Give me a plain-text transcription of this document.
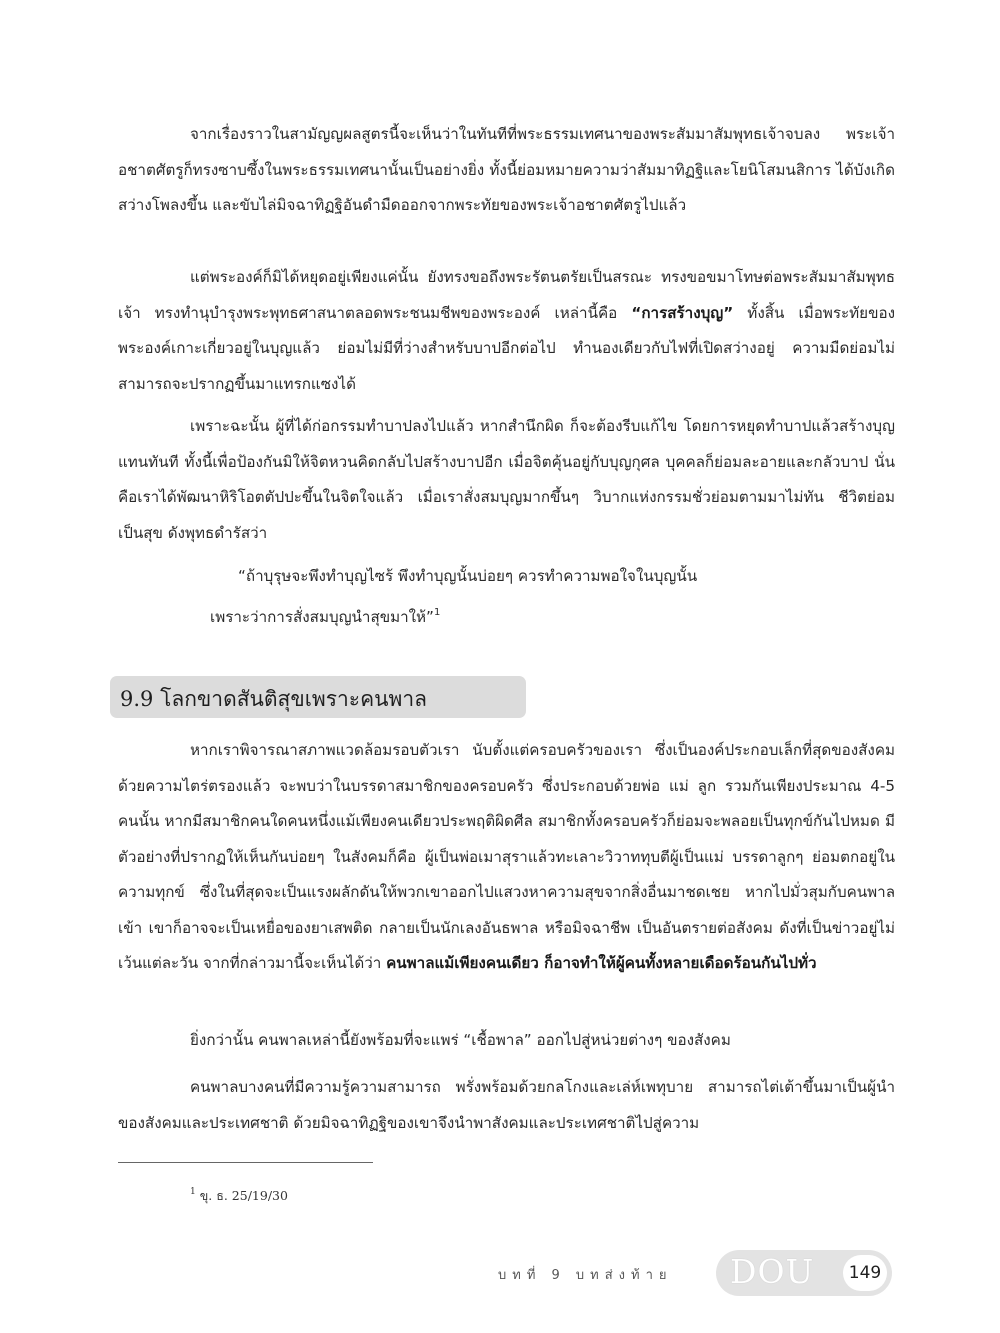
จากเรื่องราวในสามัญญผลสูตรนี้จะเห็นว่าในทันทีที่พระธรรมเทศนาของพระสัมมาสัมพุทธเจ้าจบลง พระเจ้าอชาตศัตรูก็ทรงซาบซึ้งในพระธรรมเทศนานั้นเป็นอย่างยิ่ง ทั้งนี้ย่อมหมายความว่าสัมมาทิฏฐิและโยนิโสมนสิการ ได้บังเกิดสว่างโพลงขึ้น และขับไล่มิจฉาทิฏฐิอันดำมืดออกจากพระทัยของพระเจ้าอชาตศัตรูไปแล้ว

แต่พระองค์ก็มิได้หยุดอยู่เพียงแค่นั้น ยังทรงขอถึงพระรัตนตรัยเป็นสรณะ ทรงขอขมาโทษต่อพระสัมมาสัมพุทธเจ้า ทรงทำนุบำรุงพระพุทธศาสนาตลอดพระชนมชีพของพระองค์ เหล่านี้คือ “การสร้างบุญ” ทั้งสิ้น เมื่อพระทัยของพระองค์เกาะเกี่ยวอยู่ในบุญแล้ว ย่อมไม่มีที่ว่างสำหรับบาปอีกต่อไป ทำนองเดียวกับไฟที่เปิดสว่างอยู่ ความมืดย่อมไม่สามารถจะปรากฏขึ้นมาแทรกแซงได้

เพราะฉะนั้น ผู้ที่ได้ก่อกรรมทำบาปลงไปแล้ว หากสำนึกผิด ก็จะต้องรีบแก้ไข โดยการหยุดทำบาปแล้วสร้างบุญแทนทันที ทั้งนี้เพื่อป้องกันมิให้จิตหวนคิดกลับไปสร้างบาปอีก เมื่อจิตคุ้นอยู่กับบุญกุศล บุคคลก็ย่อมละอายและกลัวบาป นั่นคือเราได้พัฒนาหิริโอตตัปปะขึ้นในจิตใจแล้ว เมื่อเราสั่งสมบุญมากขึ้นๆ วิบากแห่งกรรมชั่วย่อมตามมาไม่ทัน ชีวิตย่อมเป็นสุข ดังพุทธดำรัสว่า

“ถ้าบุรุษจะพึงทำบุญไซร้ พึงทำบุญนั้นบ่อยๆ ควรทำความพอใจในบุญนั้น
เพราะว่าการสั่งสมบุญนำสุขมาให้”$^1$
9.9 โลกขาดสันติสุขเพราะคนพาล

หากเราพิจารณาสภาพแวดล้อมรอบตัวเรา นับตั้งแต่ครอบครัวของเรา ซึ่งเป็นองค์ประกอบเล็กที่สุดของสังคมด้วยความไตร่ตรองแล้ว จะพบว่าในบรรดาสมาชิกของครอบครัว ซึ่งประกอบด้วยพ่อ แม่ ลูก รวมกันเพียงประมาณ 4-5 คนนั้น หากมีสมาชิกคนใดคนหนึ่งแม้เพียงคนเดียวประพฤติผิดศีล สมาชิกทั้งครอบครัวก็ย่อมจะพลอยเป็นทุกข์กันไปหมด มีตัวอย่างที่ปรากฏให้เห็นกันบ่อยๆ ในสังคมก็คือ ผู้เป็นพ่อเมาสุราแล้วทะเลาะวิวาททุบตีผู้เป็นแม่ บรรดาลูกๆ ย่อมตกอยู่ในความทุกข์ ซึ่งในที่สุดจะเป็นแรงผลักดันให้พวกเขาออกไปแสวงหาความสุขจากสิ่งอื่นมาชดเชย หากไปมั่วสุมกับคนพาลเข้า เขาก็อาจจะเป็นเหยื่อของยาเสพติด กลายเป็นนักเลงอันธพาล หรือมิจฉาชีพ เป็นอันตรายต่อสังคม ดังที่เป็นข่าวอยู่ไม่เว้นแต่ละวัน จากที่กล่าวมานี้จะเห็นได้ว่า คนพาลแม้เพียงคนเดียว ก็อาจทำให้ผู้คนทั้งหลายเดือดร้อนกันไปทั่ว

ยิ่งกว่านั้น คนพาลเหล่านี้ยังพร้อมที่จะแพร่ “เชื้อพาล” ออกไปสู่หน่วยต่างๆ ของสังคม

คนพาลบางคนที่มีความรู้ความสามารถ พรั่งพร้อมด้วยกลโกงและเล่ห์เพทุบาย สามารถไต่เต้าขึ้นมาเป็นผู้นำของสังคมและประเทศชาติ ด้วยมิจฉาทิฏฐิของเขาจึงนำพาสังคมและประเทศชาติไปสู่ความ

$^1$ ขุ. ธ. 25/19/30
บทที่ 9 บทส่งท้าย DOU	149
